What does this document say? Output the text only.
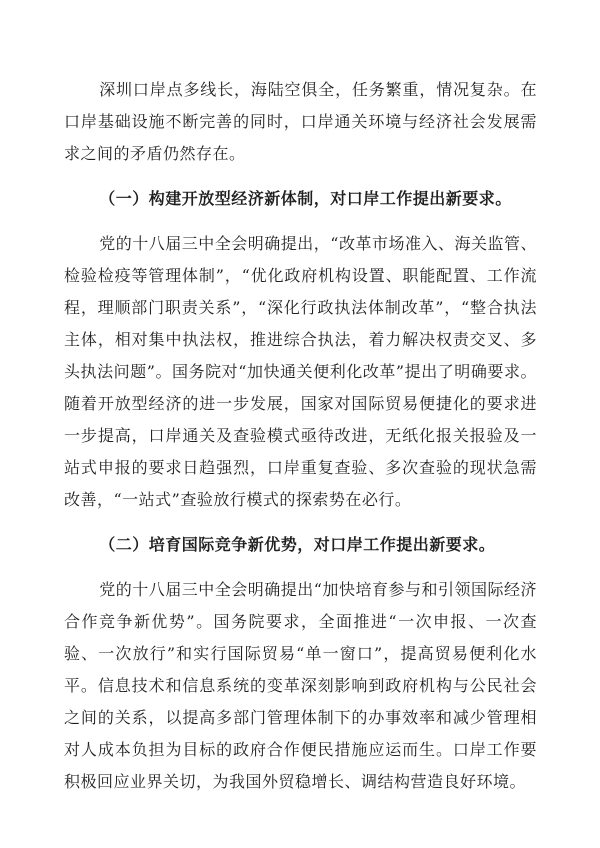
深圳口岸点多线长，海陆空俱全，任务繁重，情况复杂。在口岸基础设施不断完善的同时，口岸通关环境与经济社会发展需求之间的矛盾仍然存在。

（一）构建开放型经济新体制，对口岸工作提出新要求。

党的十八届三中全会明确提出，“改革市场准入、海关监管、检验检疫等管理体制”，“优化政府机构设置、职能配置、工作流程，理顺部门职责关系”，“深化行政执法体制改革”，“整合执法主体，相对集中执法权，推进综合执法，着力解决权责交叉、多头执法问题”。国务院对“加快通关便利化改革”提出了明确要求。随着开放型经济的进一步发展，国家对国际贸易便捷化的要求进一步提高，口岸通关及查验模式亟待改进，无纸化报关报验及一站式申报的要求日趋强烈，口岸重复查验、多次查验的现状急需改善，“一站式”查验放行模式的探索势在必行。

（二）培育国际竞争新优势，对口岸工作提出新要求。

党的十八届三中全会明确提出“加快培育参与和引领国际经济合作竞争新优势”。国务院要求，全面推进“一次申报、一次查验、一次放行”和实行国际贸易“单一窗口”，提高贸易便利化水平。信息技术和信息系统的变革深刻影响到政府机构与公民社会之间的关系，以提高多部门管理体制下的办事效率和减少管理相对人成本负担为目标的政府合作便民措施应运而生。口岸工作要积极回应业界关切，为我国外贸稳增长、调结构营造良好环境。
